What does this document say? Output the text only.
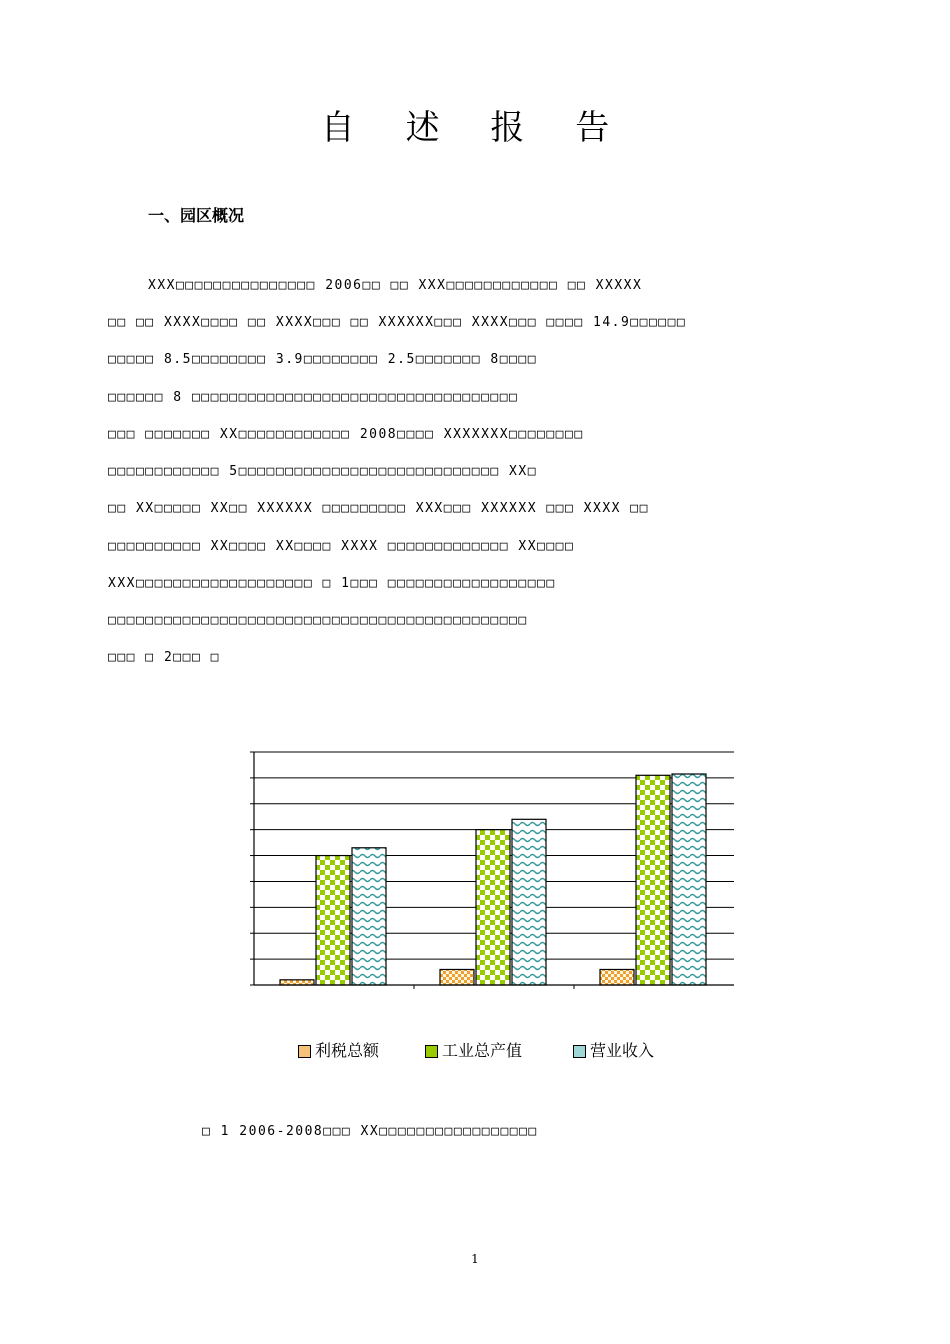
自 述 报 告
一、园区概况
XXX□□□□□□□□□□□□□□□ 2006□□ □□ XXX□□□□□□□□□□□□ □□ XXXXX
□□ □□ XXXX□□□□ □□ XXXX□□□ □□ XXXXXX□□□ XXXX□□□ □□□□ 14.9□□□□□□
□□□□□ 8.5□□□□□□□□ 3.9□□□□□□□□ 2.5□□□□□□□ 8□□□□
□□□□□□ 8 □□□□□□□□□□□□□□□□□□□□□□□□□□□□□□□□□□□
□□□ □□□□□□□ XX□□□□□□□□□□□□ 2008□□□□ XXXXXXX□□□□□□□□
□□□□□□□□□□□□ 5□□□□□□□□□□□□□□□□□□□□□□□□□□□□ XX□
□□ XX□□□□□ XX□□ XXXXXX □□□□□□□□□ XXX□□□ XXXXXX □□□ XXXX □□
□□□□□□□□□□ XX□□□□ XX□□□□ XXXX □□□□□□□□□□□□□ XX□□□□
XXX□□□□□□□□□□□□□□□□□□□ □ 1□□□ □□□□□□□□□□□□□□□□□□
□□□□□□□□□□□□□□□□□□□□□□□□□□□□□□□□□□□□□□□□□□□□□
□□□ □ 2□□□ □
利税总额	工业总产值	营业收入
□ 1 2006-2008□□□ XX□□□□□□□□□□□□□□□□□
1
